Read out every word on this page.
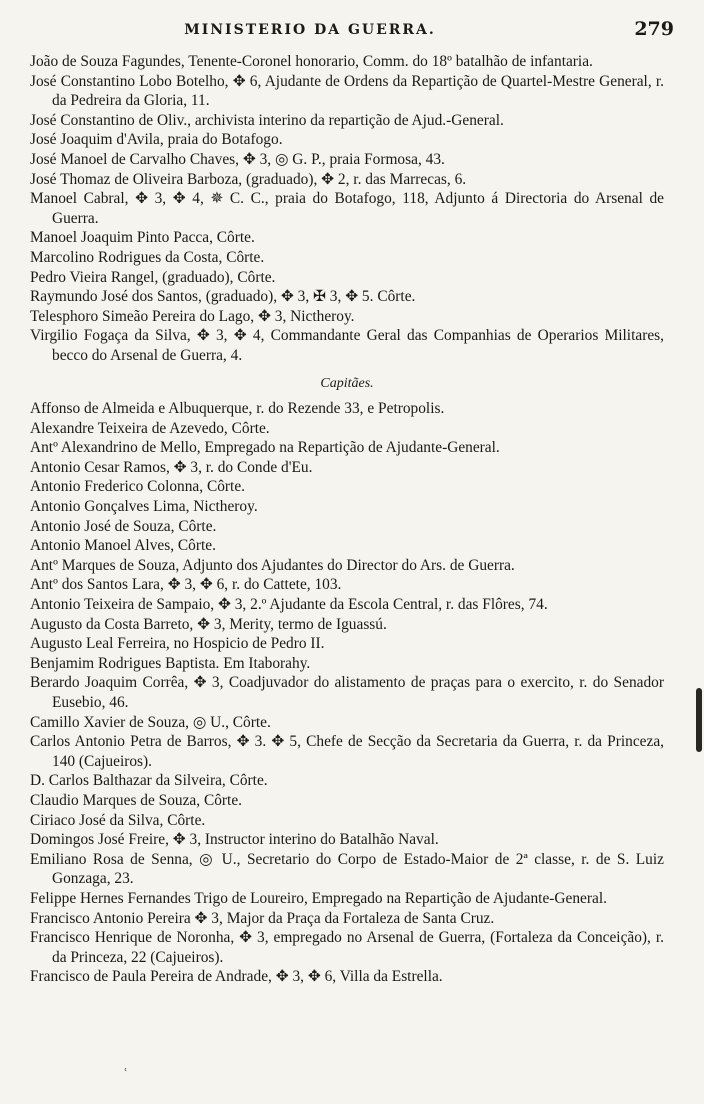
MINISTERIO DA GUERRA.	279

João de Souza Fagundes, Tenente-Coronel honorario, Comm. do 18º batalhão de infantaria.

José Constantino Lobo Botelho, ✥ 6, Ajudante de Ordens da Repartição de Quartel-Mestre General, r. da Pedreira da Gloria, 11.

José Constantino de Oliv., archivista interino da repartição de Ajud.-General.

José Joaquim d'Avila, praia do Botafogo.

José Manoel de Carvalho Chaves, ✥ 3, ◎ G. P., praia Formosa, 43.

José Thomaz de Oliveira Barboza, (graduado), ✥ 2, r. das Marrecas, 6.

Manoel Cabral, ✥ 3, ✥ 4, ✵ C. C., praia do Botafogo, 118, Adjunto á Directoria do Arsenal de Guerra.

Manoel Joaquim Pinto Pacca, Côrte.

Marcolino Rodrigues da Costa, Côrte.

Pedro Vieira Rangel, (graduado), Côrte.

Raymundo José dos Santos, (graduado), ✥ 3, ✠ 3, ✥ 5. Côrte.

Telesphoro Simeão Pereira do Lago, ✥ 3, Nictheroy.

Virgilio Fogaça da Silva, ✥ 3, ✥ 4, Commandante Geral das Companhias de Operarios Militares, becco do Arsenal de Guerra, 4.

Capitães.

Affonso de Almeida e Albuquerque, r. do Rezende 33, e Petropolis.

Alexandre Teixeira de Azevedo, Côrte.

Antº Alexandrino de Mello, Empregado na Repartição de Ajudante-General.

Antonio Cesar Ramos, ✥ 3, r. do Conde d'Eu.

Antonio Frederico Colonna, Côrte.

Antonio Gonçalves Lima, Nictheroy.

Antonio José de Souza, Côrte.

Antonio Manoel Alves, Côrte.

Antº Marques de Souza, Adjunto dos Ajudantes do Director do Ars. de Guerra.

Antº dos Santos Lara, ✥ 3, ✥ 6, r. do Cattete, 103.

Antonio Teixeira de Sampaio, ✥ 3, 2.º Ajudante da Escola Central, r. das Flôres, 74.

Augusto da Costa Barreto, ✥ 3, Merity, termo de Iguassú.

Augusto Leal Ferreira, no Hospicio de Pedro II.

Benjamim Rodrigues Baptista. Em Itaborahy.

Berardo Joaquim Corrêa, ✥ 3, Coadjuvador do alistamento de praças para o exercito, r. do Senador Eusebio, 46.

Camillo Xavier de Souza, ◎ U., Côrte.

Carlos Antonio Petra de Barros, ✥ 3. ✥ 5, Chefe de Secção da Secretaria da Guerra, r. da Princeza, 140 (Cajueiros).

D. Carlos Balthazar da Silveira, Côrte.

Claudio Marques de Souza, Côrte.

Ciriaco José da Silva, Côrte.

Domingos José Freire, ✥ 3, Instructor interino do Batalhão Naval.

Emiliano Rosa de Senna, ◎ U., Secretario do Corpo de Estado-Maior de 2ª classe, r. de S. Luiz Gonzaga, 23.

Felippe Hernes Fernandes Trigo de Loureiro, Empregado na Repartição de Ajudante-General.

Francisco Antonio Pereira ✥ 3, Major da Praça da Fortaleza de Santa Cruz.

Francisco Henrique de Noronha, ✥ 3, empregado no Arsenal de Guerra, (Fortaleza da Conceição), r. da Princeza, 22 (Cajueiros).

Francisco de Paula Pereira de Andrade, ✥ 3, ✥ 6, Villa da Estrella.

ʿ
